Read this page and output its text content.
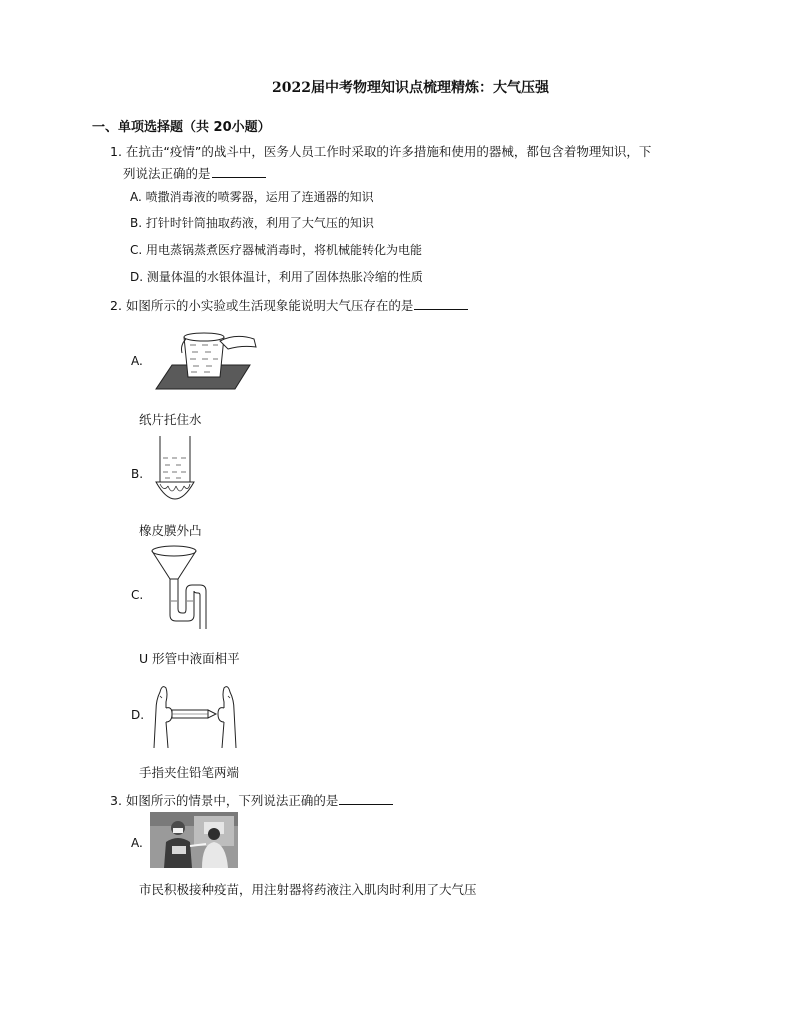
2022届中考物理知识点梳理精炼：大气压强
一、单项选择题（共 20小题）
1. 在抗击“疫情”的战斗中，医务人员工作时采取的许多措施和使用的器械，都包含着物理知识，下
列说法正确的是
A. 喷撒消毒液的喷雾器，运用了连通器的知识
B. 打针时针筒抽取药液，利用了大气压的知识
C. 用电蒸锅蒸煮医疗器械消毒时，将机械能转化为电能
D. 测量体温的水银体温计，利用了固体热胀冷缩的性质
2. 如图所示的小实验或生活现象能说明大气压存在的是
A.
纸片托住水
B.
橡皮膜外凸
C.
U 形管中液面相平
D.
手指夹住铅笔两端
3. 如图所示的情景中，下列说法正确的是
A.
市民积极接种疫苗，用注射器将药液注入肌肉时利用了大气压
